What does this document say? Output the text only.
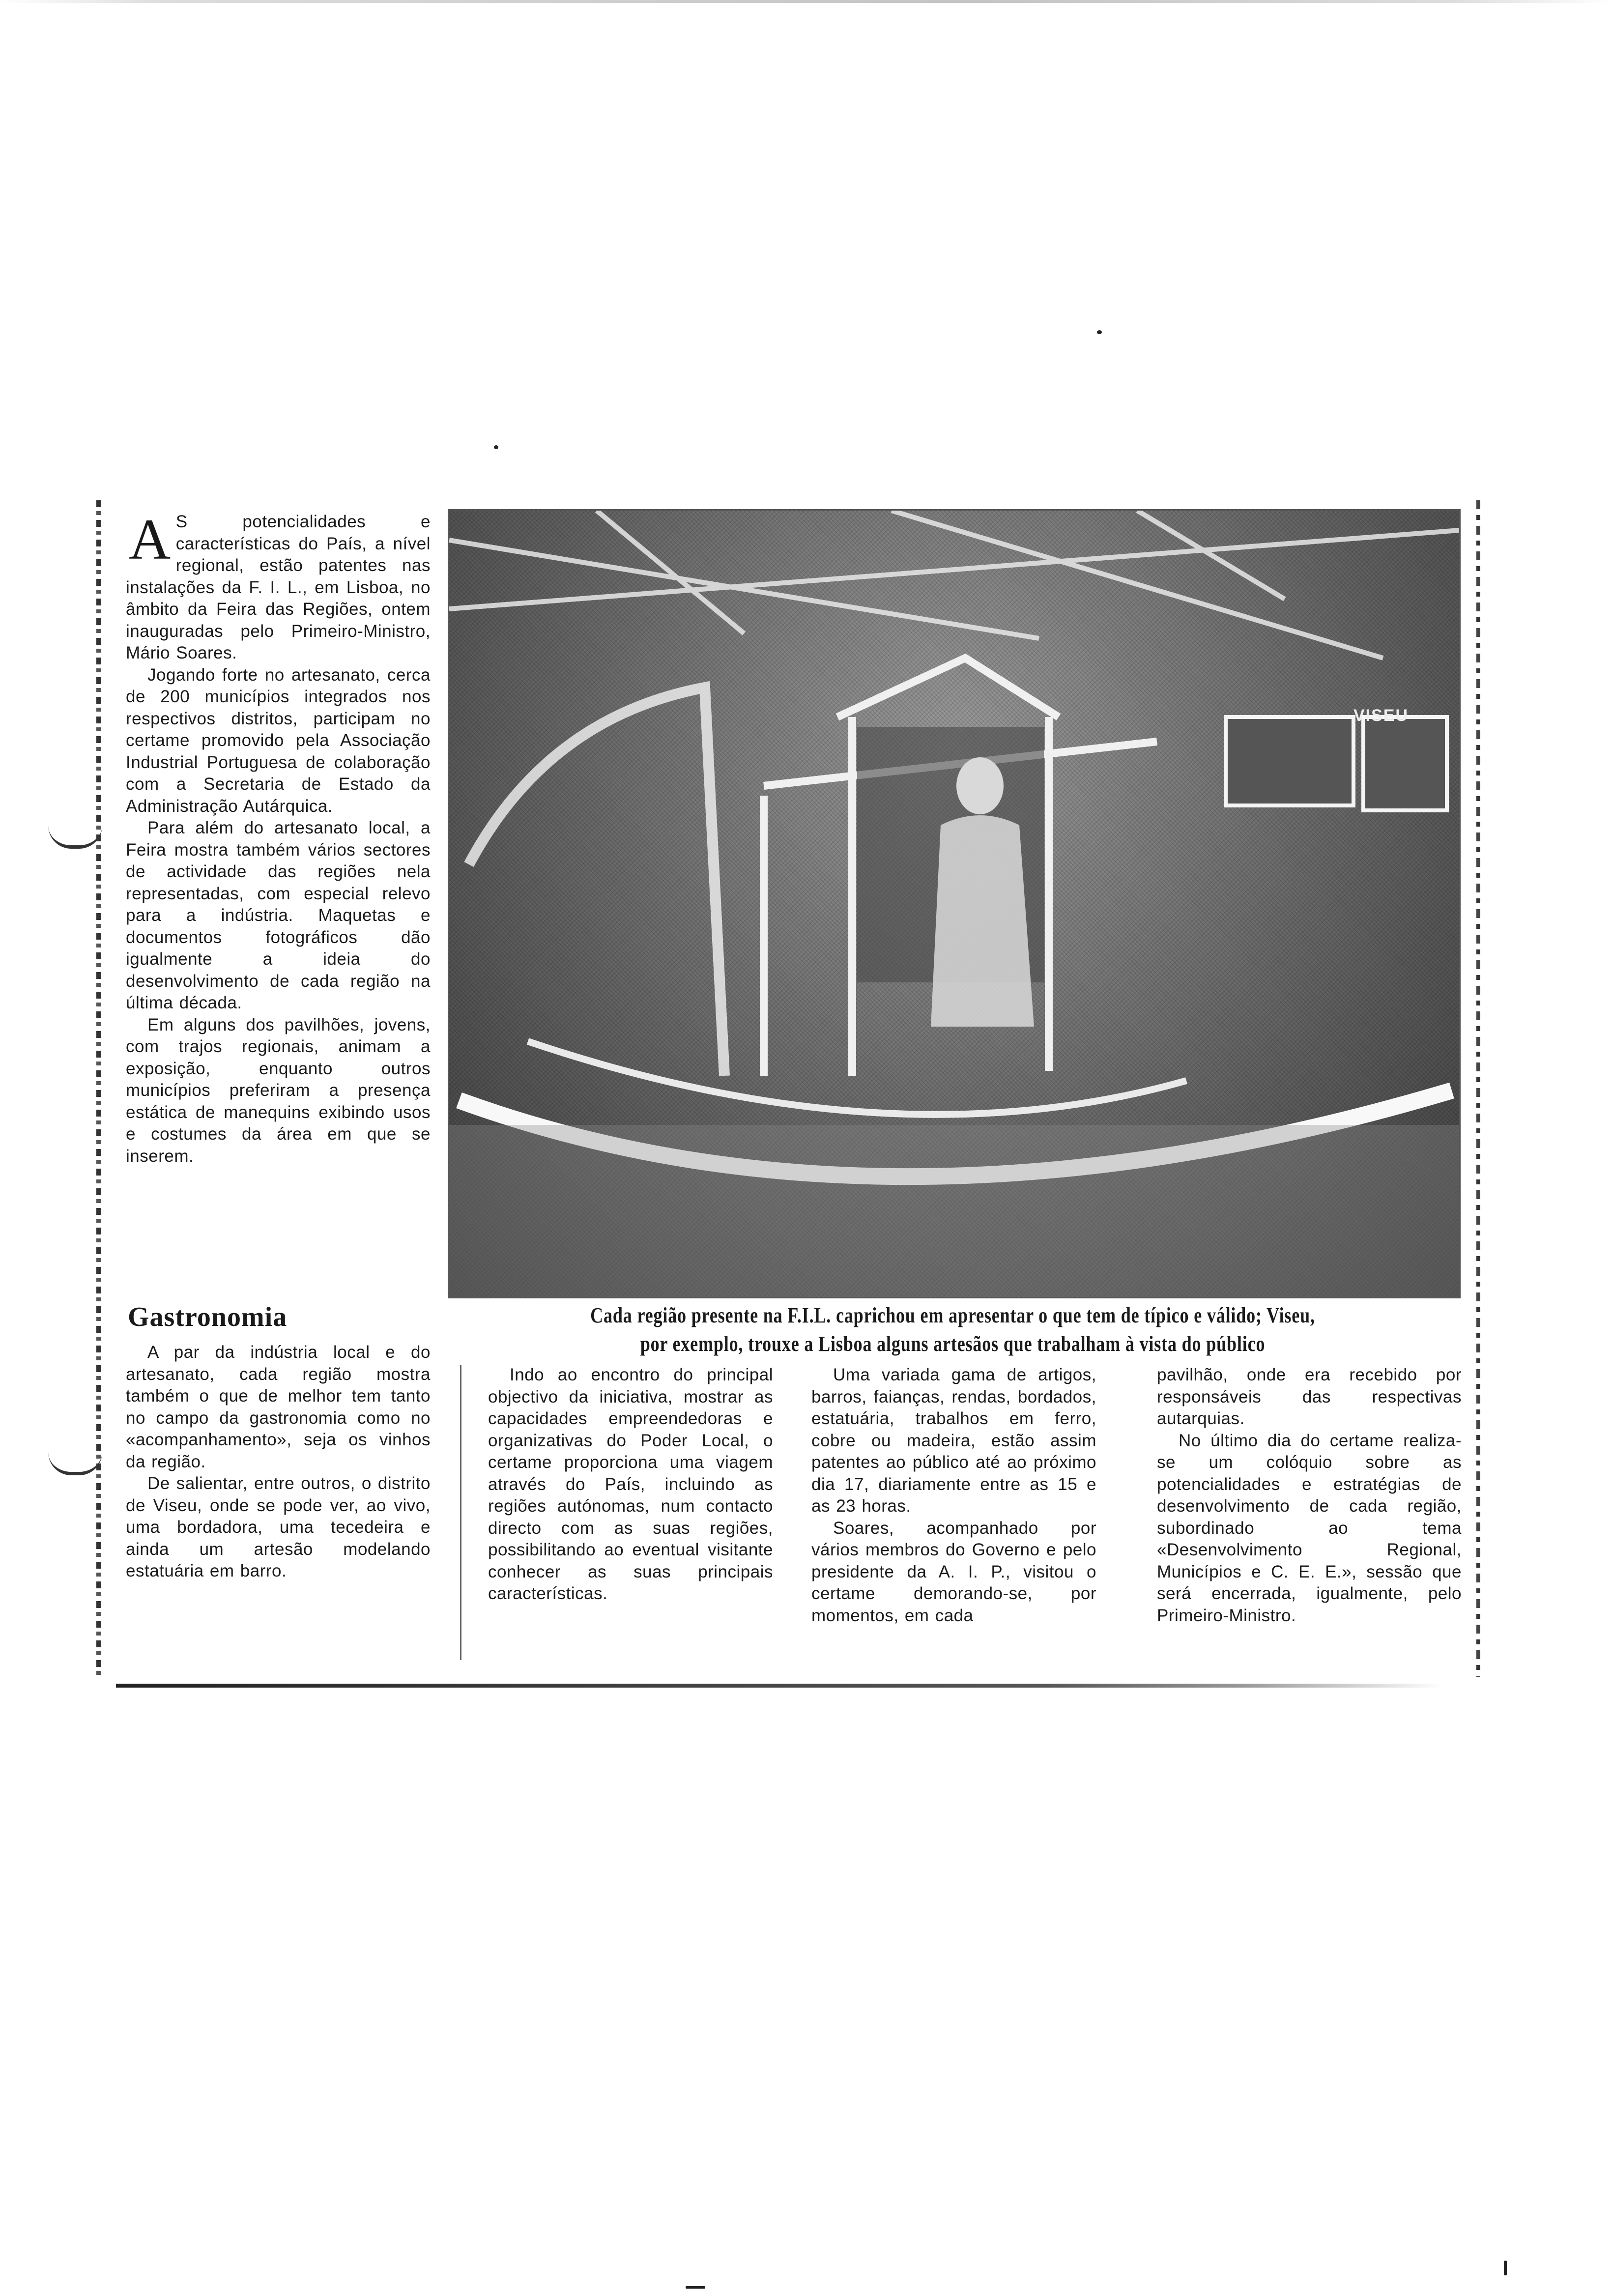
A S potencialidades e características do País, a nível regional, estão patentes nas instalações da F. I. L., em Lisboa, no âmbito da Feira das Regiões, ontem inauguradas pelo Primeiro-Ministro, Mário Soares.

Jogando forte no artesanato, cerca de 200 municípios integrados nos respectivos distritos, participam no certame promovido pela Associação Industrial Portuguesa de colaboração com a Secretaria de Estado da Administração Autárquica.

Para além do artesanato local, a Feira mostra também vários sectores de actividade das regiões nela representadas, com especial relevo para a indústria. Maquetas e documentos fotográficos dão igualmente a ideia do desenvolvimento de cada região na última década.

Em alguns dos pavilhões, jovens, com trajos regionais, animam a exposição, enquanto outros municípios preferiram a presença estática de manequins exibindo usos e costumes da área em que se inserem.

Gastronomia

A par da indústria local e do artesanato, cada região mostra também o que de melhor tem tanto no campo da gastronomia como no «acompanhamento», seja os vinhos da região.

De salientar, entre outros, o distrito de Viseu, onde se pode ver, ao vivo, uma bordadora, uma tecedeira e ainda um artesão modelando estatuária em barro.

VISEU
Cada região presente na F.I.L. caprichou em apresentar o que tem de típico e válido; Viseu,
por exemplo, trouxe a Lisboa alguns artesãos que trabalham à vista do público

Indo ao encontro do principal objectivo da iniciativa, mostrar as capacidades empreendedoras e organizativas do Poder Local, o certame proporciona uma viagem através do País, incluindo as regiões autónomas, num contacto directo com as suas regiões, possibilitando ao eventual visitante conhecer as suas principais características.

Uma variada gama de artigos, barros, faianças, rendas, bordados, estatuária, trabalhos em ferro, cobre ou madeira, estão assim patentes ao público até ao próximo dia 17, diariamente entre as 15 e as 23 horas.

Soares, acompanhado por vários membros do Governo e pelo presidente da A. I. P., visitou o certame demorando-se, por momentos, em cada

pavilhão, onde era recebido por responsáveis das respectivas autarquias.

No último dia do certame realiza-se um colóquio sobre as potencialidades e estratégias de desenvolvimento de cada região, subordinado ao tema «Desenvolvimento Regional, Municípios e C. E. E.», sessão que será encerrada, igualmente, pelo Primeiro-Ministro.
